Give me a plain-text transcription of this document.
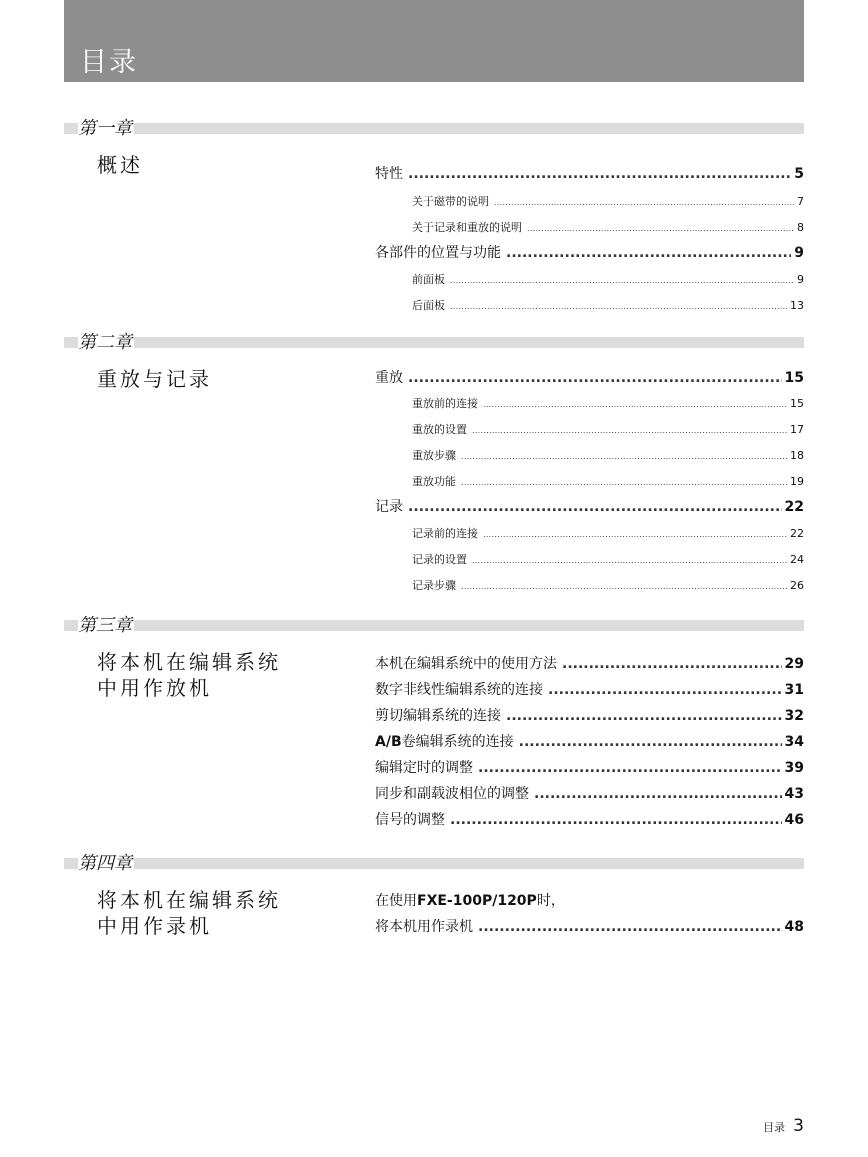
目录
第一章
概述	特性 .....	5
关于磁带的说明 .....	7
关于记录和重放的说明 .....	8
各部件的位置与功能 .....	9
前面板 .....	9
后面板 .....	13
第二章
重放与记录	重放 .....	15
重放前的连接 .....	15
重放的设置 .....	17
重放步骤 .....	18
重放功能 .....	19
记录 .....	22
记录前的连接 .....	22
记录的设置 .....	24
记录步骤 .....	26
第三章
将本机在编辑系统
中用作放机
本机在编辑系统中的使用方法 .....	29
数字非线性编辑系统的连接 .....	31
剪切编辑系统的连接 .....	32
A/B卷编辑系统的连接 .....	34
编辑定时的调整 .....	39
同步和副载波相位的调整 .....	43
信号的调整 .....	46
第四章
将本机在编辑系统
中用作录机
在使用FXE-100P/120P时，
将本机用作录机 .....	48
目录 3
